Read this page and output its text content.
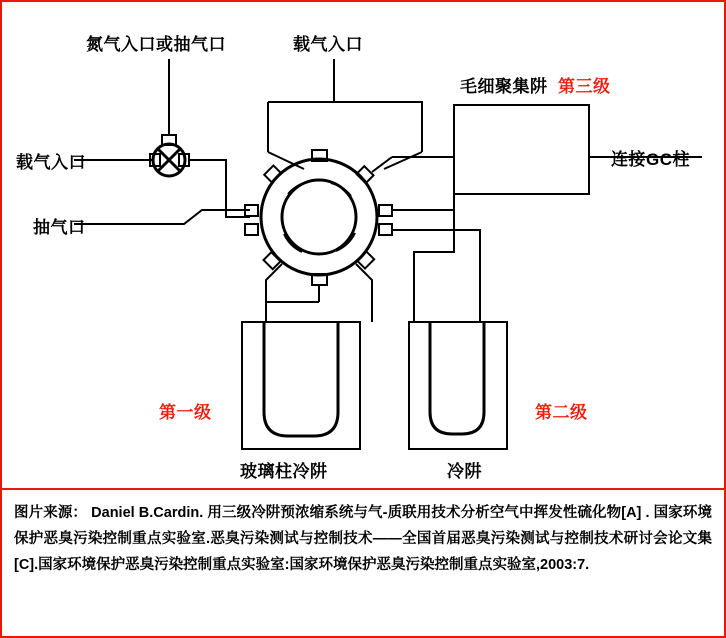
氮气入口或抽气口	载气入口
载气入口
抽气口
毛细聚集阱 第三级
连接GC柱
第一级	第二级
玻璃柱冷阱	冷阱

图片来源： Daniel B.Cardin. 用三级冷阱预浓缩系统与气-质联用技术分析空气中挥发性硫化物[A] . 国家环境保护恶臭污染控制重点实验室.恶臭污染测试与控制技术——全国首届恶臭污染测试与控制技术研讨会论文集[C].国家环境保护恶臭污染控制重点实验室:国家环境保护恶臭污染控制重点实验室,2003:7.
